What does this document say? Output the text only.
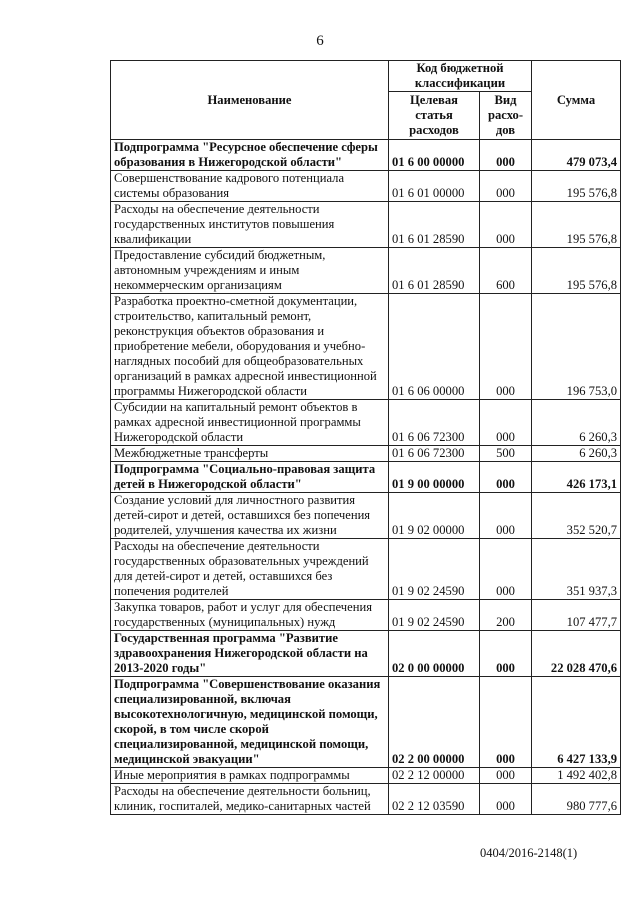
6
Наименование	Код бюджетной классификации		Сумма
	Целевая статья расходов	Вид расхо-дов	
Подпрограмма "Ресурсное обеспечение сферы образования в Нижегородской области"	01 6 00 00000	000	479 073,4
Совершенствование кадрового потенциала системы образования	01 6 01 00000	000	195 576,8
Расходы на обеспечение деятельности государственных институтов повышения квалификации	01 6 01 28590	000	195 576,8
Предоставление субсидий бюджетным, автономным учреждениям и иным некоммерческим организациям	01 6 01 28590	600	195 576,8
Разработка проектно-сметной документации, строительство, капитальный ремонт, реконструкция объектов образования и приобретение мебели, оборудования и учебно-наглядных пособий для общеобразовательных организаций в рамках адресной инвестиционной программы Нижегородской области	01 6 06 00000	000	196 753,0
Субсидии на капитальный ремонт объектов в рамках адресной инвестиционной программы Нижегородской области	01 6 06 72300	000	6 260,3
Межбюджетные трансферты	01 6 06 72300	500	6 260,3
Подпрограмма "Социально-правовая защита детей в Нижегородской области"	01 9 00 00000	000	426 173,1
Создание условий для личностного развития детей-сирот и детей, оставшихся без попечения родителей, улучшения качества их жизни	01 9 02 00000	000	352 520,7
Расходы на обеспечение деятельности государственных образовательных учреждений для детей-сирот и детей, оставшихся без попечения родителей	01 9 02 24590	000	351 937,3
Закупка товаров, работ и услуг для обеспечения государственных (муниципальных) нужд	01 9 02 24590	200	107 477,7
Государственная программа "Развитие здравоохранения Нижегородской области на 2013-2020 годы"	02 0 00 00000	000	22 028 470,6
Подпрограмма "Совершенствование оказания специализированной, включая высокотехнологичную, медицинской помощи, скорой, в том числе скорой специализированной, медицинской помощи, медицинской эвакуации"	02 2 00 00000	000	6 427 133,9
Иные мероприятия в рамках подпрограммы	02 2 12 00000	000	1 492 402,8
Расходы на обеспечение деятельности больниц, клиник, госпиталей, медико-санитарных частей	02 2 12 03590	000	980 777,6
0404/2016-2148(1)
